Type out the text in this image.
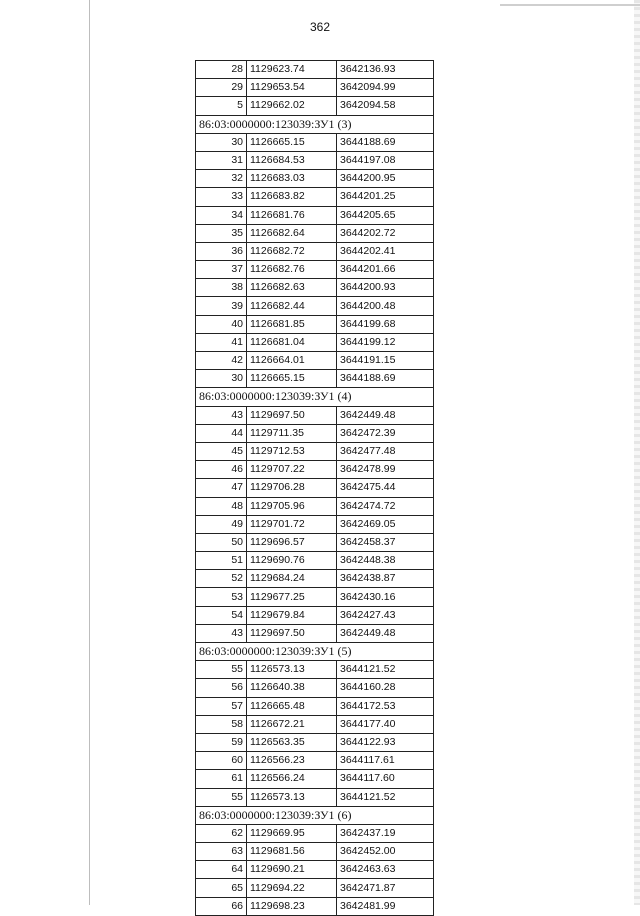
362
28	1129623.74	3642136.93
29	1129653.54	3642094.99
5	1129662.02	3642094.58
86:03:0000000:123039:ЗУ1 (3)		
30	1126665.15	3644188.69
31	1126684.53	3644197.08
32	1126683.03	3644200.95
33	1126683.82	3644201.25
34	1126681.76	3644205.65
35	1126682.64	3644202.72
36	1126682.72	3644202.41
37	1126682.76	3644201.66
38	1126682.63	3644200.93
39	1126682.44	3644200.48
40	1126681.85	3644199.68
41	1126681.04	3644199.12
42	1126664.01	3644191.15
30	1126665.15	3644188.69
86:03:0000000:123039:ЗУ1 (4)		
43	1129697.50	3642449.48
44	1129711.35	3642472.39
45	1129712.53	3642477.48
46	1129707.22	3642478.99
47	1129706.28	3642475.44
48	1129705.96	3642474.72
49	1129701.72	3642469.05
50	1129696.57	3642458.37
51	1129690.76	3642448.38
52	1129684.24	3642438.87
53	1129677.25	3642430.16
54	1129679.84	3642427.43
43	1129697.50	3642449.48
86:03:0000000:123039:ЗУ1 (5)		
55	1126573.13	3644121.52
56	1126640.38	3644160.28
57	1126665.48	3644172.53
58	1126672.21	3644177.40
59	1126563.35	3644122.93
60	1126566.23	3644117.61
61	1126566.24	3644117.60
55	1126573.13	3644121.52
86:03:0000000:123039:ЗУ1 (6)		
62	1129669.95	3642437.19
63	1129681.56	3642452.00
64	1129690.21	3642463.63
65	1129694.22	3642471.87
66	1129698.23	3642481.99
